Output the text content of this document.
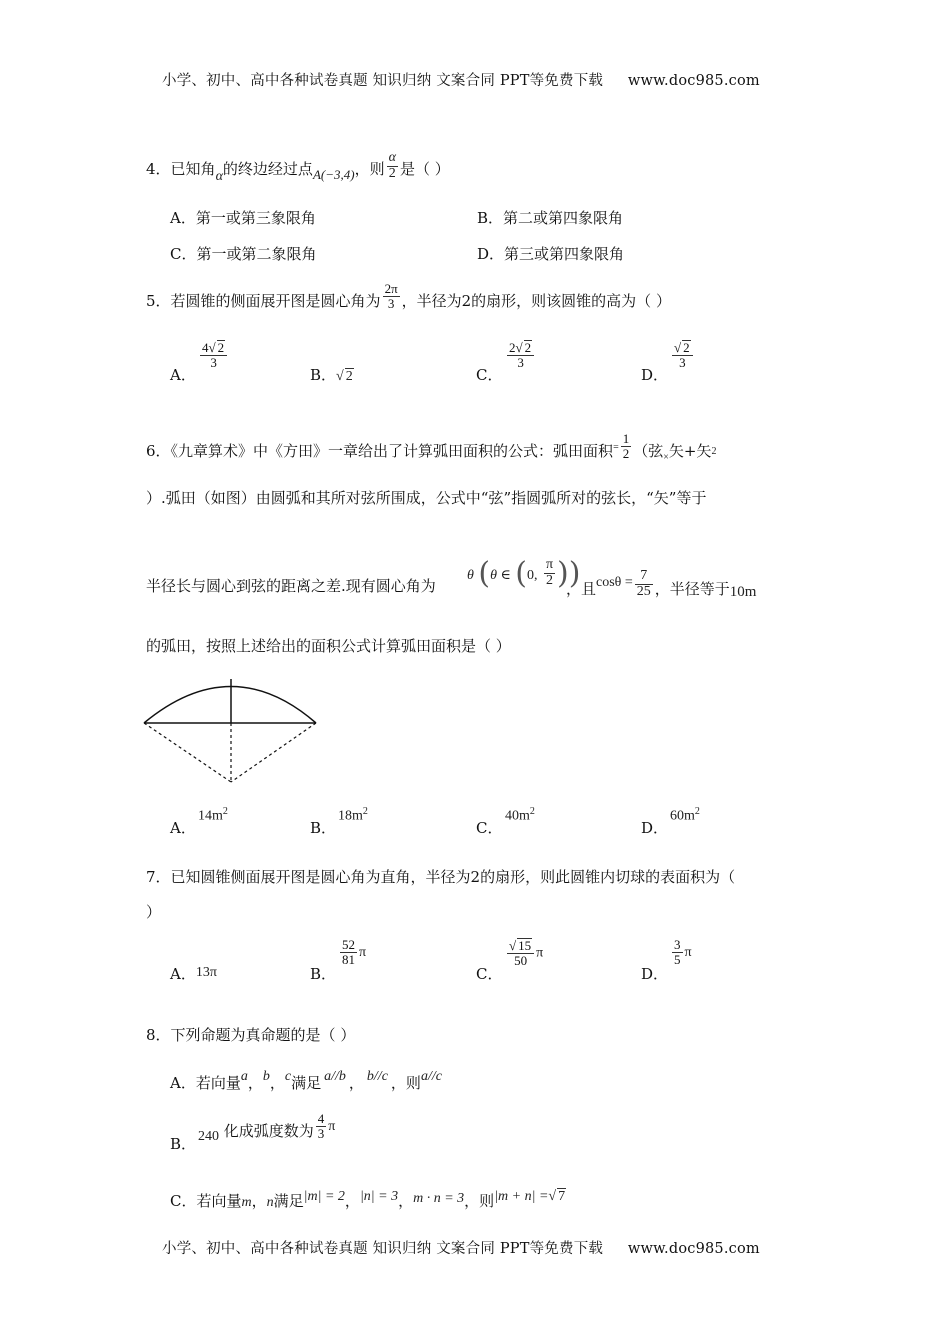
小学、初中、高中各种试卷真题 知识归纳 文案合同 PPT等免费下载 www.doc985.com
4．已知角α的终边经过点A(−3,4)，则 $\frac{\alpha}{2}$ 是（ ）
A．第一或第三象限角	B．第二或第四象限角
C．第一或第二象限角	D．第三或第四象限角
5．若圆锥的侧面展开图是圆心角为 $\frac{2\pi}{3}$ ，半径为2的扇形，则该圆锥的高为（ ）
A．
$\frac{4√ 2}{3}$
B．√ 2	C．
$\frac{2√ 2}{3}$
D．
$\frac{√ 2}{3}$
6．《九章算术》中《方田》一章给出了计算弧田面积的公式：弧田面积$^= \frac{1}{2}$ （弦$_\times$矢+矢2
）.弧田（如图）由圆弧和其所对弦所围成，公式中“弦”指圆弧所对的弦长，“矢”等于
半径长与圆心到弦的距离之差.现有圆心角为
θ (θ ∈ (0, $\frac{\pi}{2}$ ))
，且$\cos\theta = \frac{7}{25}$ ，半径等于10m
的弧田，按照上述给出的面积公式计算弧田面积是（ ）
A．
$14m^2$
B．
$18m^2$
C．
$40m^2$
D．
$60m^2$
7．已知圆锥侧面展开图是圆心角为直角，半径为2的扇形，则此圆锥内切球的表面积为（
）
A．13π	B．
$\frac{52}{81}$ π
C．
$\frac{√ 15}{50}$ π
D．
$\frac{3}{5}$ π
8．下列命题为真命题的是（ ）
A．若向量a，b，c满足 a//b ， b//c ，则a//c
B． 240 化成弧度数为 $\frac{4}{3}$ π
C．若向量m，n满足|m| = 2，|n| = 3，m · n = 3，则|m + n| =√ 7
小学、初中、高中各种试卷真题 知识归纳 文案合同 PPT等免费下载 www.doc985.com
